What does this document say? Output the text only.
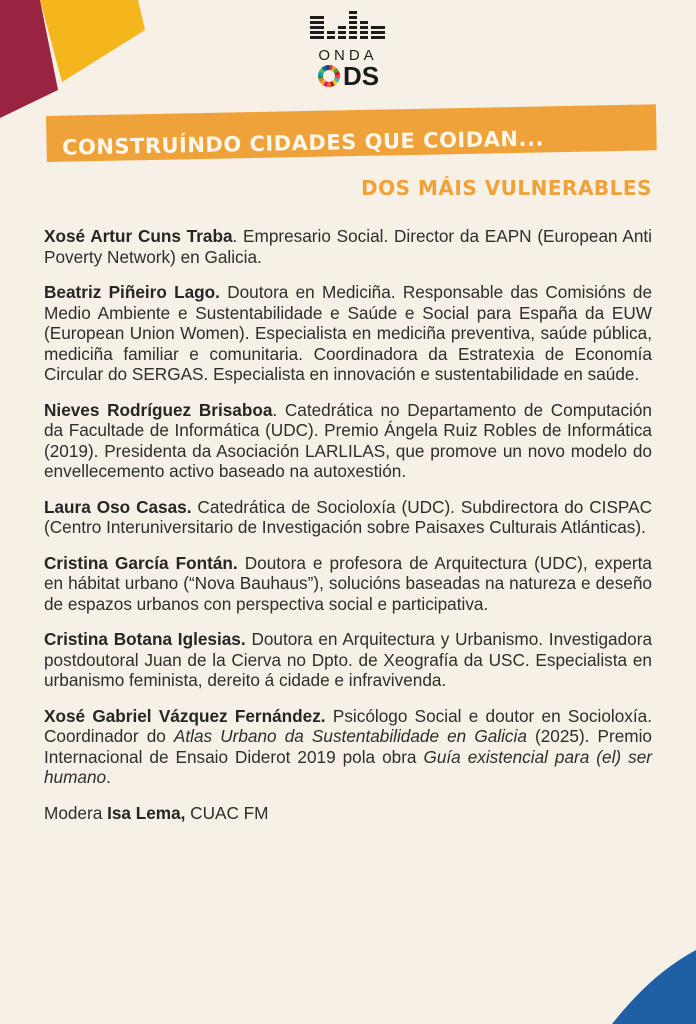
ONDA
DS
CONSTRUÍNDO CIDADES QUE COIDAN...
DOS MÁIS VULNERABLES

Xosé Artur Cuns Traba. Empresario Social. Director da EAPN (European Anti Poverty Network) en Galicia.

Beatriz Piñeiro Lago. Doutora en Mediciña. Responsable das Comisións de Medio Ambiente e Sustentabilidade e Saúde e Social para España da EUW (European Union Women). Especialista en mediciña preventiva, saúde pública, mediciña familiar e comunitaria. Coordinadora da Estratexia de Economía Circular do SERGAS. Especialista en innovación e sustentabilidade en saúde.

Nieves Rodríguez Brisaboa. Catedrática no Departamento de Computación da Facultade de Informática (UDC). Premio Ángela Ruiz Robles de Informática (2019). Presidenta da Asociación LARLILAS, que promove un novo modelo do envellecemento activo baseado na autoxestión.

Laura Oso Casas. Catedrática de Socioloxía (UDC). Subdirectora do CISPAC (Centro Interuniversitario de Investigación sobre Paisaxes Culturais Atlánticas).

Cristina García Fontán. Doutora e profesora de Arquitectura (UDC), experta en hábitat urbano (“Nova Bauhaus”), solucións baseadas na natureza e deseño de espazos urbanos con perspectiva social e participativa.

Cristina Botana Iglesias. Doutora en Arquitectura y Urbanismo. Investigadora postdoutoral Juan de la Cierva no Dpto. de Xeografía da USC. Especialista en urbanismo feminista, dereito á cidade e infravivenda.

Xosé Gabriel Vázquez Fernández. Psicólogo Social e doutor en Socioloxía. Coordinador do Atlas Urbano da Sustentabilidade en Galicia (2025). Premio Internacional de Ensaio Diderot 2019 pola obra Guía existencial para (el) ser humano.

Modera Isa Lema, CUAC FM
